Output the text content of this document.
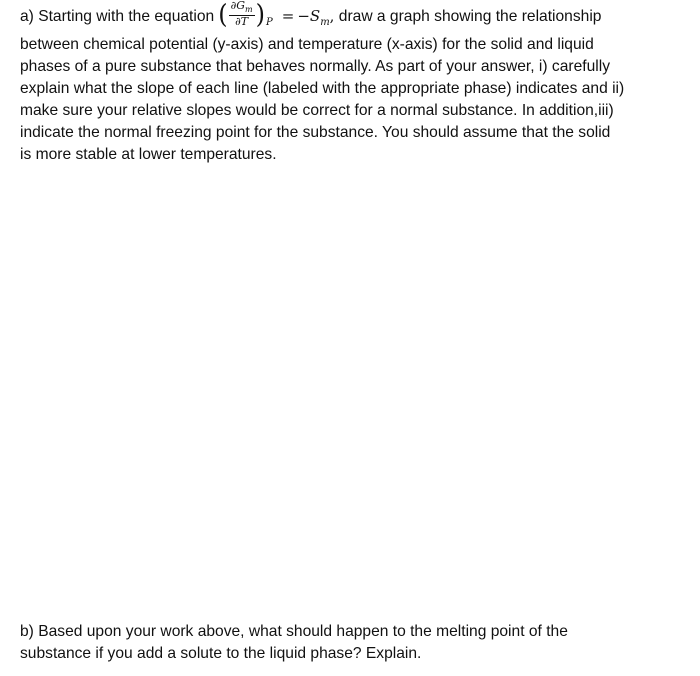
a) Starting with the equation ( $\frac{\partial G_m}{\partial T} )_P = -S_m$, draw a graph showing the relationship
between chemical potential (y-axis) and temperature (x-axis) for the solid and liquid
phases of a pure substance that behaves normally. As part of your answer, i) carefully
explain what the slope of each line (labeled with the appropriate phase) indicates and ii)
make sure your relative slopes would be correct for a normal substance. In addition,iii)
indicate the normal freezing point for the substance. You should assume that the solid
is more stable at lower temperatures.
b) Based upon your work above, what should happen to the melting point of the
substance if you add a solute to the liquid phase? Explain.
